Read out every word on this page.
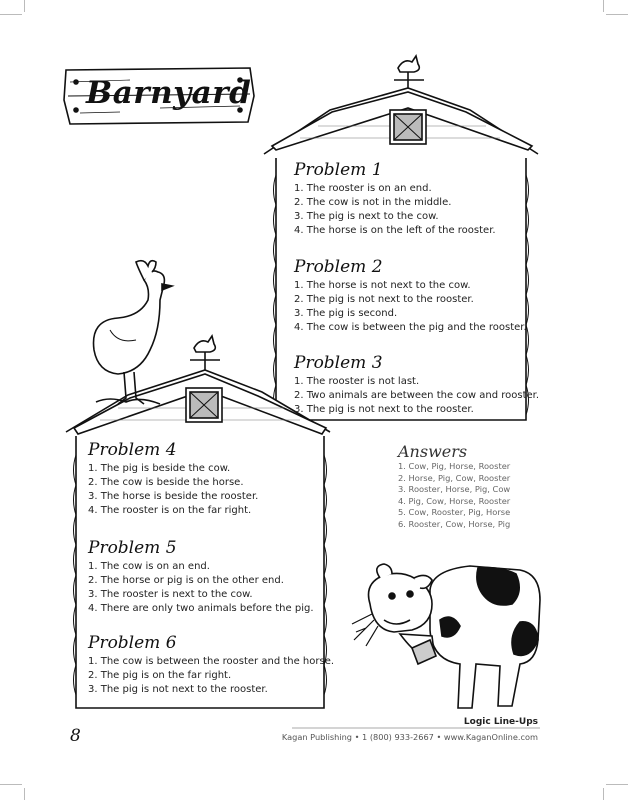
Barnyard
Problem 1
1. The rooster is on an end.
2. The cow is not in the middle.
3. The pig is next to the cow.
4. The horse is on the left of the rooster.
Problem 2
1. The horse is not next to the cow.
2. The pig is not next to the rooster.
3. The pig is second.
4. The cow is between the pig and the rooster.
Problem 3
1. The rooster is not last.
2. Two animals are between the cow and rooster.
3. The pig is not next to the rooster.
Problem 4
1. The pig is beside the cow.
2. The cow is beside the horse.
3. The horse is beside the rooster.
4. The rooster is on the far right.
Problem 5
1. The cow is on an end.
2. The horse or pig is on the other end.
3. The rooster is next to the cow.
4. There are only two animals before the pig.
Problem 6
1. The cow is between the rooster and the horse.
2. The pig is on the far right.
3. The pig is not next to the rooster.
Answers
1. Cow, Pig, Horse, Rooster
2. Horse, Pig, Cow, Rooster
3. Rooster, Horse, Pig, Cow
4. Pig, Cow, Horse, Rooster
5. Cow, Rooster, Pig, Horse
6. Rooster, Cow, Horse, Pig
8
Logic Line-Ups
Kagan Publishing • 1 (800) 933-2667 • www.KaganOnline.com
